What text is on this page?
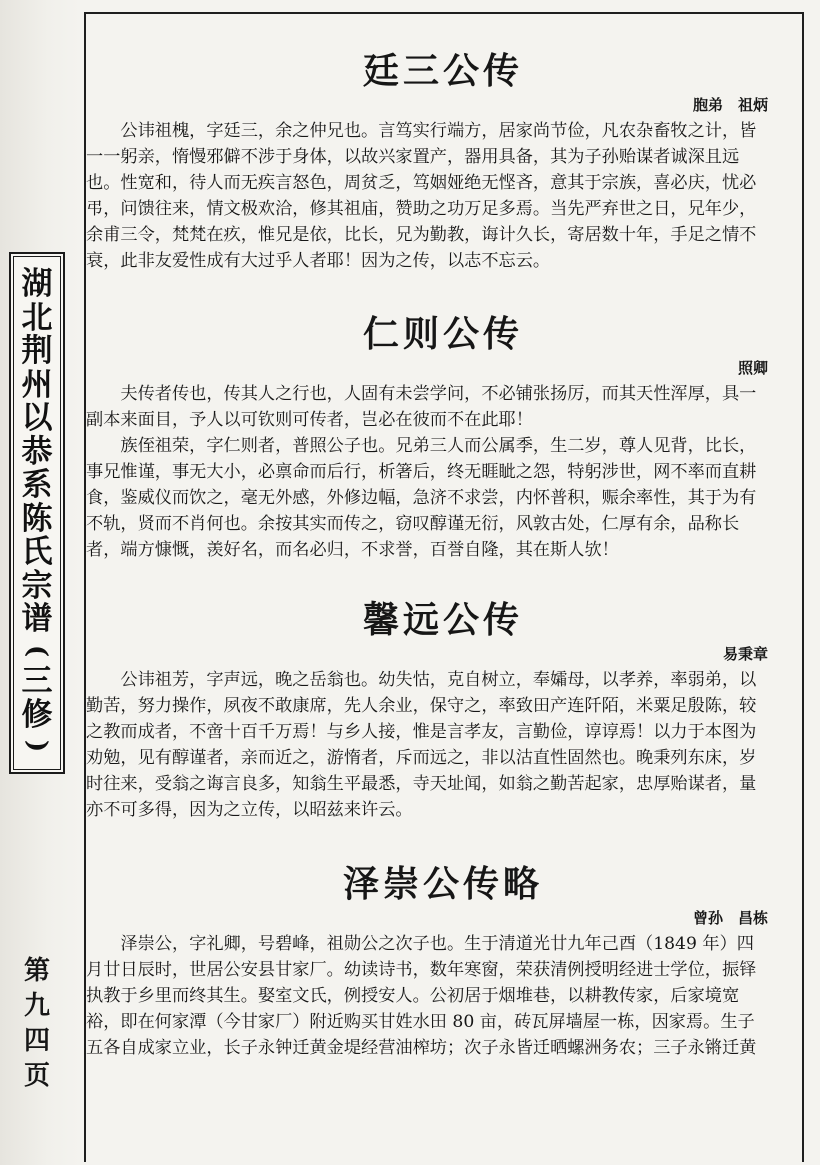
湖
北
荆
州
以
恭
系
陈
氏
宗
谱
(
三
修
)
第
九
四
页
廷三公传

胞弟　祖炳

　　公讳祖槐，字廷三，余之仲兄也。言笃实行端方，居家尚节俭，凡农杂畜牧之计，皆
一一躬亲，惰慢邪僻不涉于身体，以故兴家置产，器用具备，其为子孙贻谋者诚深且远
也。性宽和，待人而无疾言怒色，周贫乏，笃姻娅绝无悭吝，意其于宗族，喜必庆，忧必
弔，问馈往来，情文极欢洽，修其祖庙，赞助之功万足多焉。当先严弃世之日，兄年少，
余甫三令，梵梵在疚，惟兄是依，比长，兄为勤教，诲计久长，寄居数十年，手足之情不
衰，此非友爱性成有大过乎人者耶！因为之传，以志不忘云。
仁则公传

照卿

　　夫传者传也，传其人之行也，人固有未尝学问，不必铺张扬厉，而其天性浑厚，具一
副本来面目，予人以可钦则可传者，岂必在彼而不在此耶！
　　族侄祖荣，字仁则者，普照公子也。兄弟三人而公属季，生二岁，尊人见背，比长，
事兄惟谨，事无大小，必禀命而后行，析箸后，终无睚眦之怨，特躬涉世，网不率而直耕
食，鉴威仪而饮之，毫无外感，外修边幅，急济不求尝，内怀普积，赈余率性，其于为有
不轨，贤而不肖何也。余按其实而传之，窃叹醇谨无衍，风敦古处，仁厚有余，品称长
者，端方慷慨，羡好名，而名必归，不求誉，百誉自隆，其在斯人欤！
馨远公传

易秉章

　　公讳祖芳，字声远，晚之岳翁也。幼失怙，克自树立，奉孀母，以孝养，率弱弟，以
勤苦，努力操作，夙夜不敢康席，先人余业，保守之，率致田产连阡陌，米粟足殷陈，较
之教而成者，不啻十百千万焉！与乡人接，惟是言孝友，言勤俭，谆谆焉！以力于本图为
劝勉，见有醇谨者，亲而近之，游惰者，斥而远之，非以沽直性固然也。晚秉列东床，岁
时往来，受翁之诲言良多，知翁生平最悉，寺天址闻，如翁之勤苦起家，忠厚贻谋者，量
亦不可多得，因为之立传，以昭兹来许云。
泽崇公传略

曾孙　昌栋

　　泽崇公，字礼卿，号碧峰，祖勋公之次子也。生于清道光廿九年己酉（1849 年）四
月廿日辰时，世居公安县甘家厂。幼读诗书，数年寒窗，荣获清例授明经进士学位，振铎
执教于乡里而终其生。娶室文氏，例授安人。公初居于烟堆巷，以耕教传家，后家境宽
裕，即在何家潭（今甘家厂）附近购买甘姓水田 80 亩，砖瓦屏墙屋一栋，因家焉。生子
五各自成家立业，长子永钟迁黄金堤经营油榨坊；次子永皆迁晒螺洲务农；三子永锵迁黄
